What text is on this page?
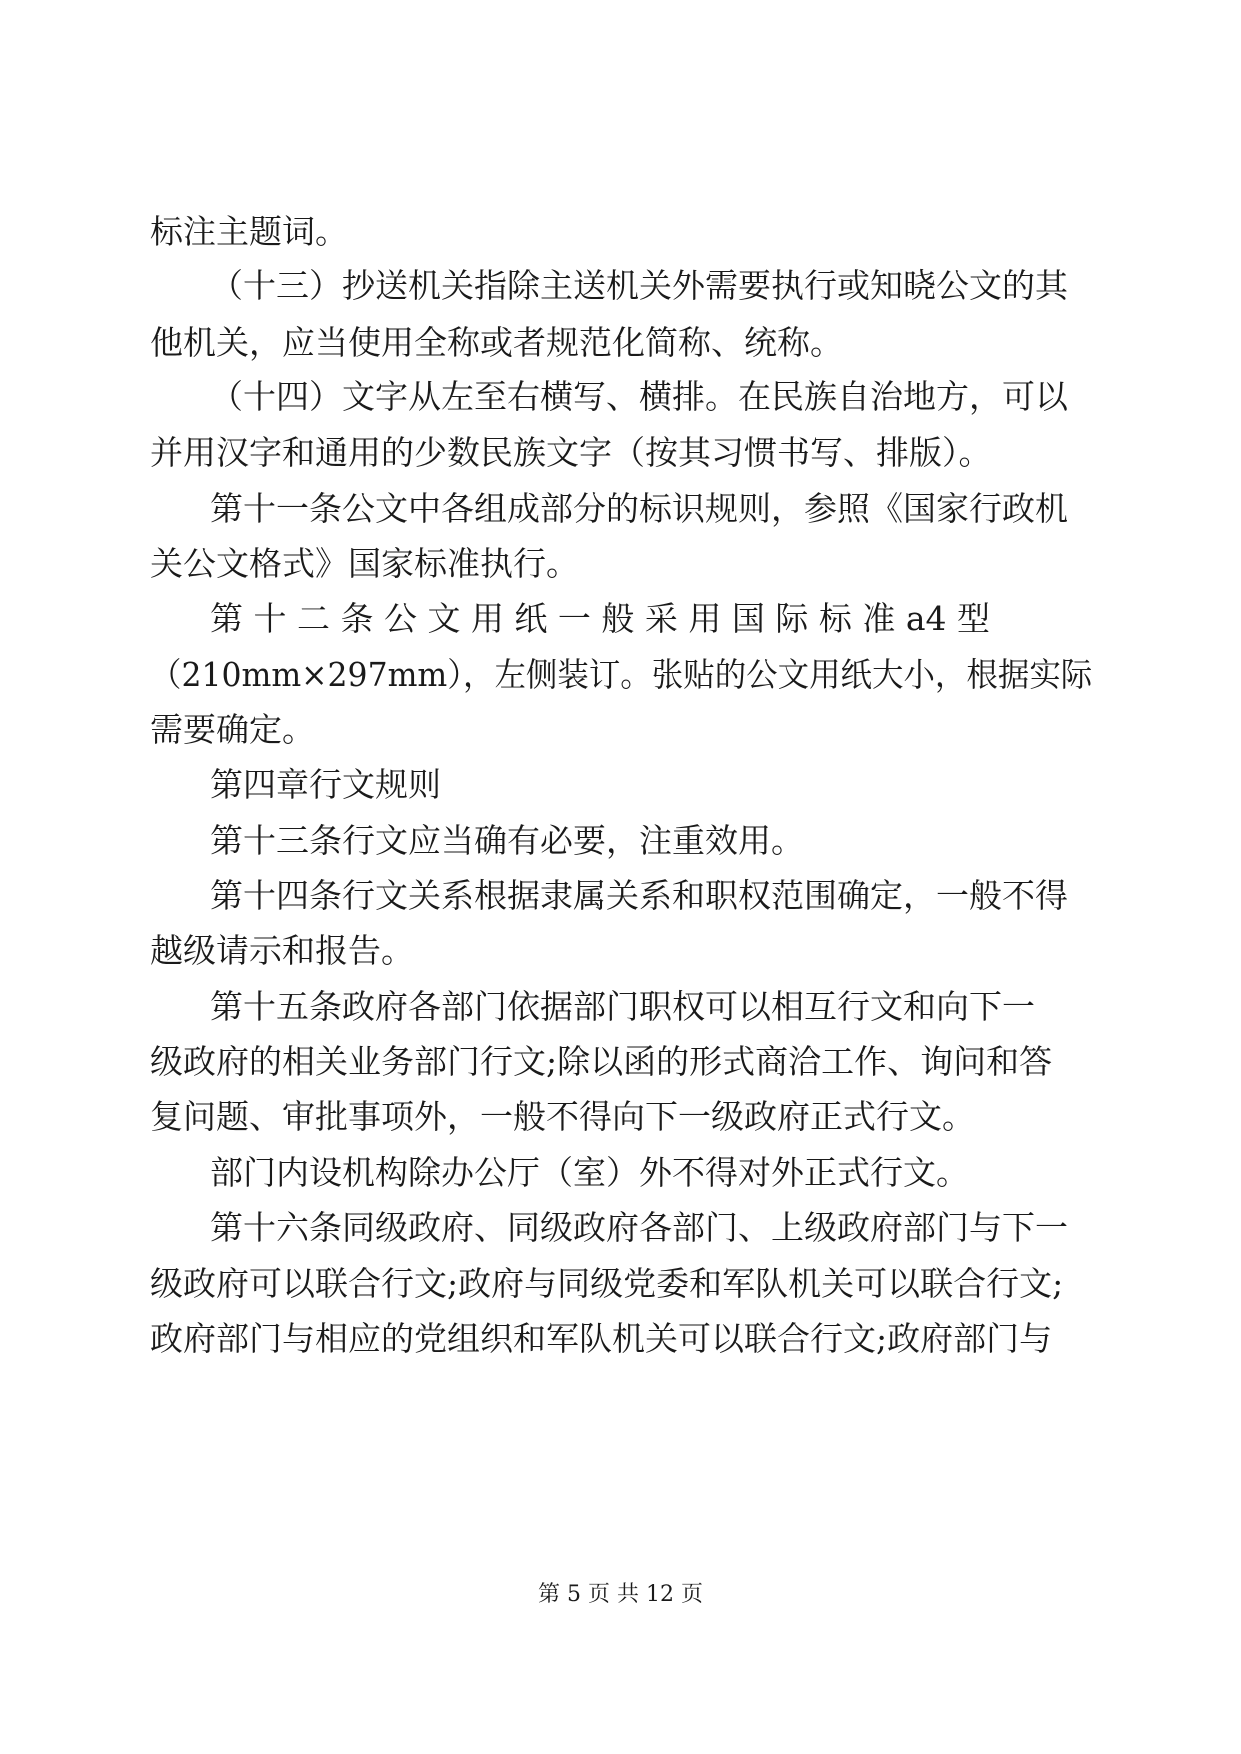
标注主题词。
（十三）抄送机关指除主送机关外需要执行或知晓公文的其
他机关，应当使用全称或者规范化简称、统称。
（十四）文字从左至右横写、横排。在民族自治地方，可以
并用汉字和通用的少数民族文字（按其习惯书写、排版）。
第十一条公文中各组成部分的标识规则，参照《国家行政机
关公文格式》国家标准执行。
第 十 二 条 公 文 用 纸 一 般 采 用 国 际 标 准 a4 型
（210mm×297mm），左侧装订。张贴的公文用纸大小，根据实际
需要确定。
第四章行文规则
第十三条行文应当确有必要，注重效用。
第十四条行文关系根据隶属关系和职权范围确定，一般不得
越级请示和报告。
第十五条政府各部门依据部门职权可以相互行文和向下一
级政府的相关业务部门行文;除以函的形式商洽工作、询问和答
复问题、审批事项外，一般不得向下一级政府正式行文。
部门内设机构除办公厅（室）外不得对外正式行文。
第十六条同级政府、同级政府各部门、上级政府部门与下一
级政府可以联合行文;政府与同级党委和军队机关可以联合行文;
政府部门与相应的党组织和军队机关可以联合行文;政府部门与
第 5 页 共 12 页
